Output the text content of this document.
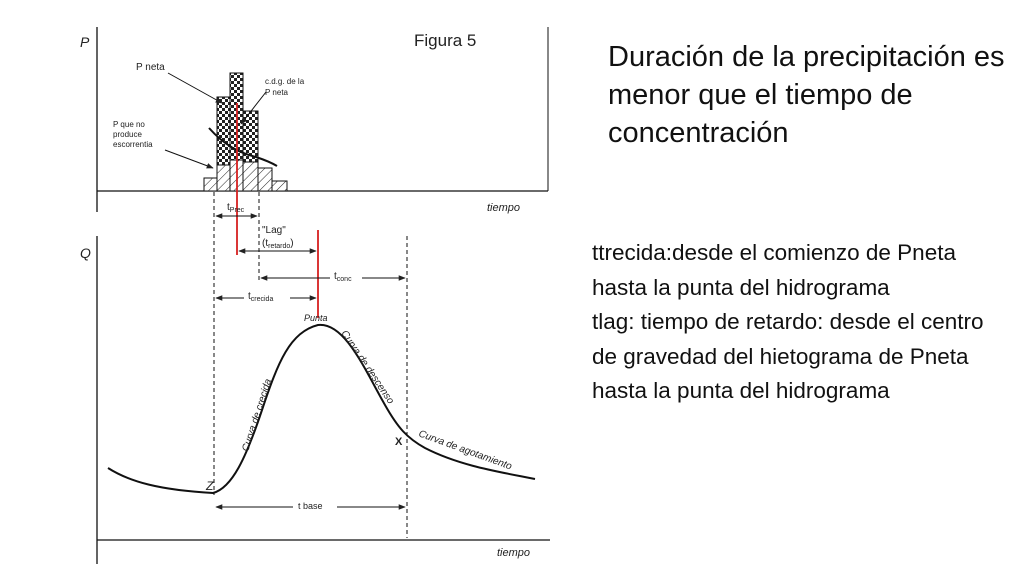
P	Figura 5
tiempo
P neta
c.d.g. de la
P neta
P que no
produce
escorrentia
$t_{Prec}$
Q
tiempo
"Lag"
$(t_{retardo})$
$t_{conc}$
$t_{crecida}$
Punta
Curva de crecida
Curva de descenso
Curva de agotamiento
X
Z
t base
Duración de la precipitación es menor que el tiempo de concentración

ttrecida:desde el comienzo de Pneta hasta la punta del hidrograma

tlag: tiempo de retardo: desde el centro de gravedad del hietograma de Pneta hasta la punta del hidrograma
